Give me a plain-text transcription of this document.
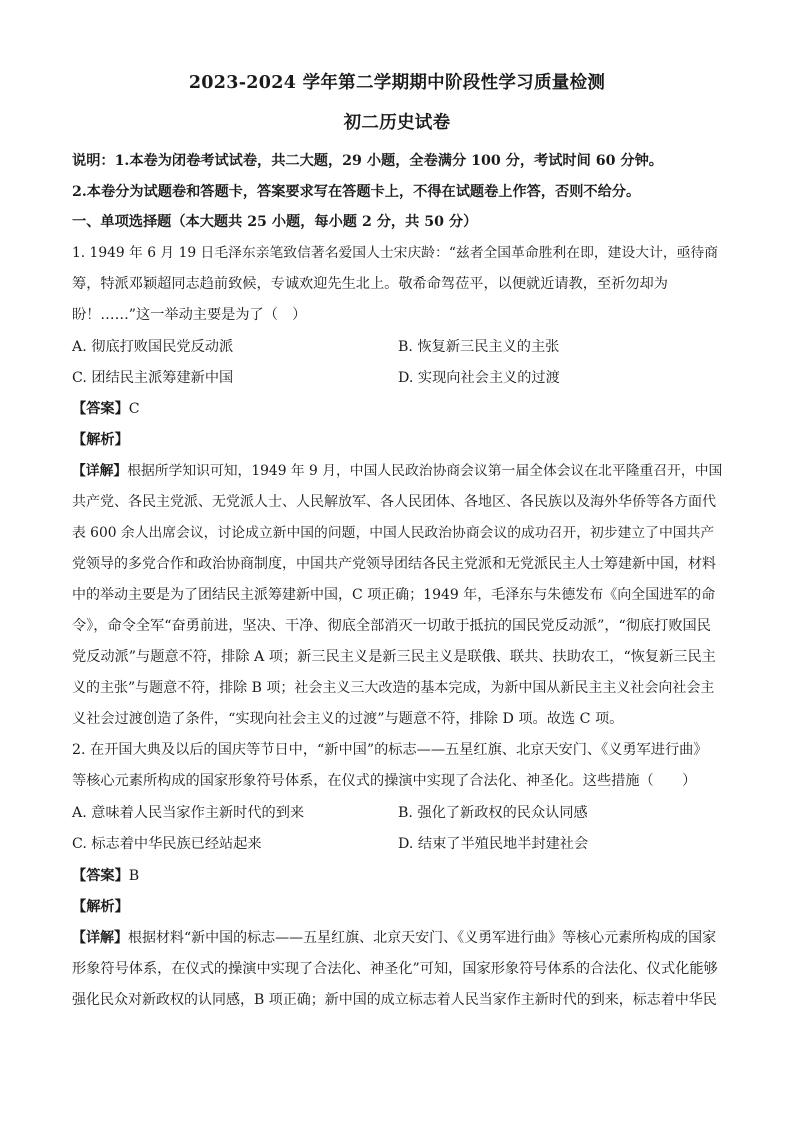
2023-2024 学年第二学期期中阶段性学习质量检测
初二历史试卷
说明：1.本卷为闭卷考试试卷，共二大题，29 小题，全卷满分 100 分，考试时间 60 分钟。
2.本卷分为试题卷和答题卡，答案要求写在答题卡上，不得在试题卷上作答，否则不给分。
一、单项选择题（本大题共 25 小题，每小题 2 分，共 50 分）
1. 1949 年 6 月 19 日毛泽东亲笔致信著名爱国人士宋庆龄：“兹者全国革命胜利在即，建设大计，亟待商
筹，特派邓颖超同志趋前致候，专诚欢迎先生北上。敬希命驾莅平，以便就近请教，至祈勿却为
盼！……”这一举动主要是为了（　）
A. 彻底打败国民党反动派	B. 恢复新三民主义的主张
C. 团结民主派筹建新中国	D. 实现向社会主义的过渡
【答案】C
【解析】
【详解】根据所学知识可知，1949 年 9 月，中国人民政治协商会议第一届全体会议在北平隆重召开，中国
共产党、各民主党派、无党派人士、人民解放军、各人民团体、各地区、各民族以及海外华侨等各方面代
表 600 余人出席会议，讨论成立新中国的问题，中国人民政治协商会议的成功召开，初步建立了中国共产
党领导的多党合作和政治协商制度，中国共产党领导团结各民主党派和无党派民主人士筹建新中国，材料
中的举动主要是为了团结民主派筹建新中国，C 项正确；1949 年，毛泽东与朱德发布《向全国进军的命
令》，命令全军“奋勇前进，坚决、干净、彻底全部消灭一切敢于抵抗的国民党反动派”，“彻底打败国民
党反动派”与题意不符，排除 A 项；新三民主义是新三民主义是联俄、联共、扶助农工，“恢复新三民主
义的主张”与题意不符，排除 B 项；社会主义三大改造的基本完成，为新中国从新民主主义社会向社会主
义社会过渡创造了条件，“实现向社会主义的过渡”与题意不符，排除 D 项。故选 C 项。
2. 在开国大典及以后的国庆等节日中，“新中国”的标志——五星红旗、北京天安门、《义勇军进行曲》
等核心元素所构成的国家形象符号体系，在仪式的操演中实现了合法化、神圣化。这些措施（　　）
A. 意味着人民当家作主新时代的到来	B. 强化了新政权的民众认同感
C. 标志着中华民族已经站起来	D. 结束了半殖民地半封建社会
【答案】B
【解析】
【详解】根据材料“新中国的标志——五星红旗、北京天安门、《义勇军进行曲》等核心元素所构成的国家
形象符号体系，在仪式的操演中实现了合法化、神圣化”可知，国家形象符号体系的合法化、仪式化能够
强化民众对新政权的认同感，B 项正确；新中国的成立标志着人民当家作主新时代的到来，标志着中华民
